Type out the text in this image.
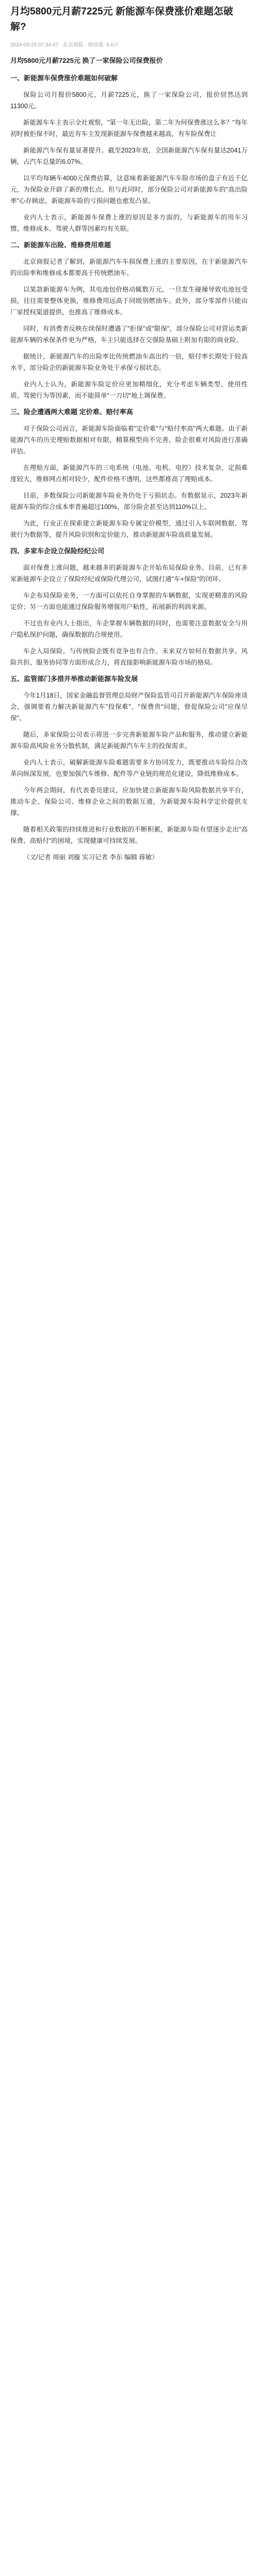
月均5800元月薪7225元 新能源车保费涨价难题怎破解?
2024-03-25 07:34:47 北京商报 阅读量: 6.6万

月均5800元月薪7225元 换了一家保险公司保费报价

一、新能源车保费涨价难题如何破解

保险公司月报价5800元，月薪7225元，换了一家保险公司，报价居然达到11300元。

新能源车车主表示全社观察，"第一年无出险，第二年为何保费涨这么多？"每年初时被拒保不时，最近有车主发现新能源车保费越来越高，有车险保费让

新能源汽车保有量显著提升。截至2023年底，全国新能源汽车保有量达2041万辆，占汽车总量的6.07%。

以平均每辆车4000元保费估算，这意味着新能源汽车车险市场的盘子有近千亿元，为保险业开辟了新的增长点。但与此同时，部分保险公司对新能源车的"高出险率"心存顾虑，新能源车险的亏损问题也愈发凸显。

业内人士表示，新能源车保费上涨的原因是多方面的，与新能源车的用车习惯、维修成本、驾驶人群等因素均有关联。

二、新能源车出险、维修费用难题

北京商报记者了解到，新能源汽车车损保费上涨的主要原因，在于新能源汽车的出险率和维修成本都要高于传统燃油车。

以某款新能源车为例，其电池包价格动辄数万元，一旦发生碰撞导致电池包受损，往往需要整体更换，维修费用远高于同级别燃油车。此外，部分零部件只能由厂家授权渠道提供，也推高了维修成本。

同时，有消费者反映在续保时遭遇了"拒保"或"限保"，部分保险公司对营运类新能源车辆的承保条件更为严格，车主只能选择在交强险基础上附加有限的商业险。

据统计，新能源汽车的出险率比传统燃油车高出约一倍，赔付率长期处于较高水平，部分险企的新能源车险业务处于承保亏损状态。

业内人士认为，新能源车险定价应更加精细化，充分考虑车辆类型、使用性质、驾驶行为等因素，而不能简单"一刀切"地上调保费。

三、险企遭遇两大难题 定价难、赔付率高

对于保险公司而言，新能源车险面临着"定价难"与"赔付率高"两大难题。由于新能源汽车的历史理赔数据相对有限，精算模型尚不完善，险企很难对风险进行准确评估。

在理赔方面，新能源汽车的三电系统（电池、电机、电控）技术复杂，定损难度较大，维修网点相对较少，配件价格不透明，这些都推高了理赔成本。

目前，多数保险公司新能源车险业务仍处于亏损状态。有数据显示，2023年新能源车险的综合成本率普遍超过100%，部分险企甚至达到110%以上。

为此，行业正在探索建立新能源车险专属定价模型，通过引入车联网数据、驾驶行为数据等，提升风险识别和定价能力，推动新能源车险高质量发展。

四、多家车企设立保险经纪公司

面对保费上涨问题，越来越多的新能源车企开始布局保险业务。目前，已有多家新能源车企设立了保险经纪或保险代理公司，试图打通"车+保险"的闭环。

车企布局保险业务，一方面可以依托自身掌握的车辆数据，实现更精准的风险定价；另一方面也能通过保险服务增强用户粘性，拓展新的利润来源。

不过也有业内人士指出，车企掌握车辆数据的同时，也需要注意数据安全与用户隐私保护问题，确保数据的合规使用。

车企入局保险，与传统险企既有竞争也有合作。未来双方如何在数据共享、风险共担、服务协同等方面形成合力，将直接影响新能源车险市场的格局。

五、监管部门多措并举推动新能源车险发展

今年1月18日，国家金融监督管理总局财产保险监管司召开新能源汽车保险座谈会，强调要着力解决新能源汽车"投保难"、"保费贵"问题，督促保险公司"应保尽保"。

随后，多家保险公司表示将进一步完善新能源车险产品和服务，推动建立新能源车险高风险业务分散机制，满足新能源汽车车主的投保需求。

业内人士表示，破解新能源车险难题需要多方协同发力，既要推动车险综合改革向纵深发展，也要加强汽车维修、配件等产业链的规范化建设，降低维修成本。

今年两会期间，有代表委员建议，应加快建立新能源车险风险数据共享平台，推动车企、保险公司、维修企业之间的数据互通，为新能源车险科学定价提供支撑。

随着相关政策的持续推进和行业数据的不断积累，新能源车险有望逐步走出"高保费、高赔付"的困境，实现健康可持续发展。

（文/记者 周丽 刘璇 实习记者 李东 编辑 蒋敏）
